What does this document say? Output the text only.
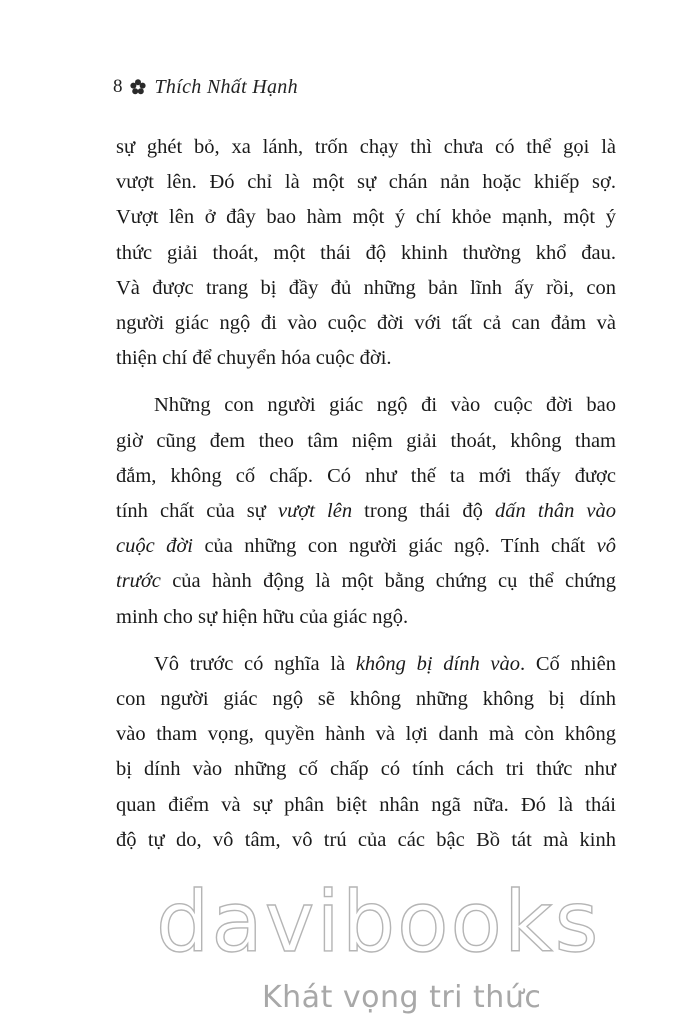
8 Thích Nhất Hạnh
sự ghét bỏ, xa lánh, trốn chạy thì chưa có thể gọi là
vượt lên. Đó chỉ là một sự chán nản hoặc khiếp sợ.
Vượt lên ở đây bao hàm một ý chí khỏe mạnh, một ý
thức giải thoát, một thái độ khinh thường khổ đau.
Và được trang bị đầy đủ những bản lĩnh ấy rồi, con
người giác ngộ đi vào cuộc đời với tất cả can đảm và
thiện chí để chuyển hóa cuộc đời.
Những con người giác ngộ đi vào cuộc đời bao
giờ cũng đem theo tâm niệm giải thoát, không tham
đắm, không cố chấp. Có như thế ta mới thấy được
tính chất của sự vượt lên trong thái độ dấn thân vào
cuộc đời của những con người giác ngộ. Tính chất vô
trước của hành động là một bằng chứng cụ thể chứng
minh cho sự hiện hữu của giác ngộ.
Vô trước có nghĩa là không bị dính vào. Cố nhiên
con người giác ngộ sẽ không những không bị dính
vào tham vọng, quyền hành và lợi danh mà còn không
bị dính vào những cố chấp có tính cách tri thức như
quan điểm và sự phân biệt nhân ngã nữa. Đó là thái
độ tự do, vô tâm, vô trú của các bậc Bồ tát mà kinh
davibooks
Khát vọng tri thức
